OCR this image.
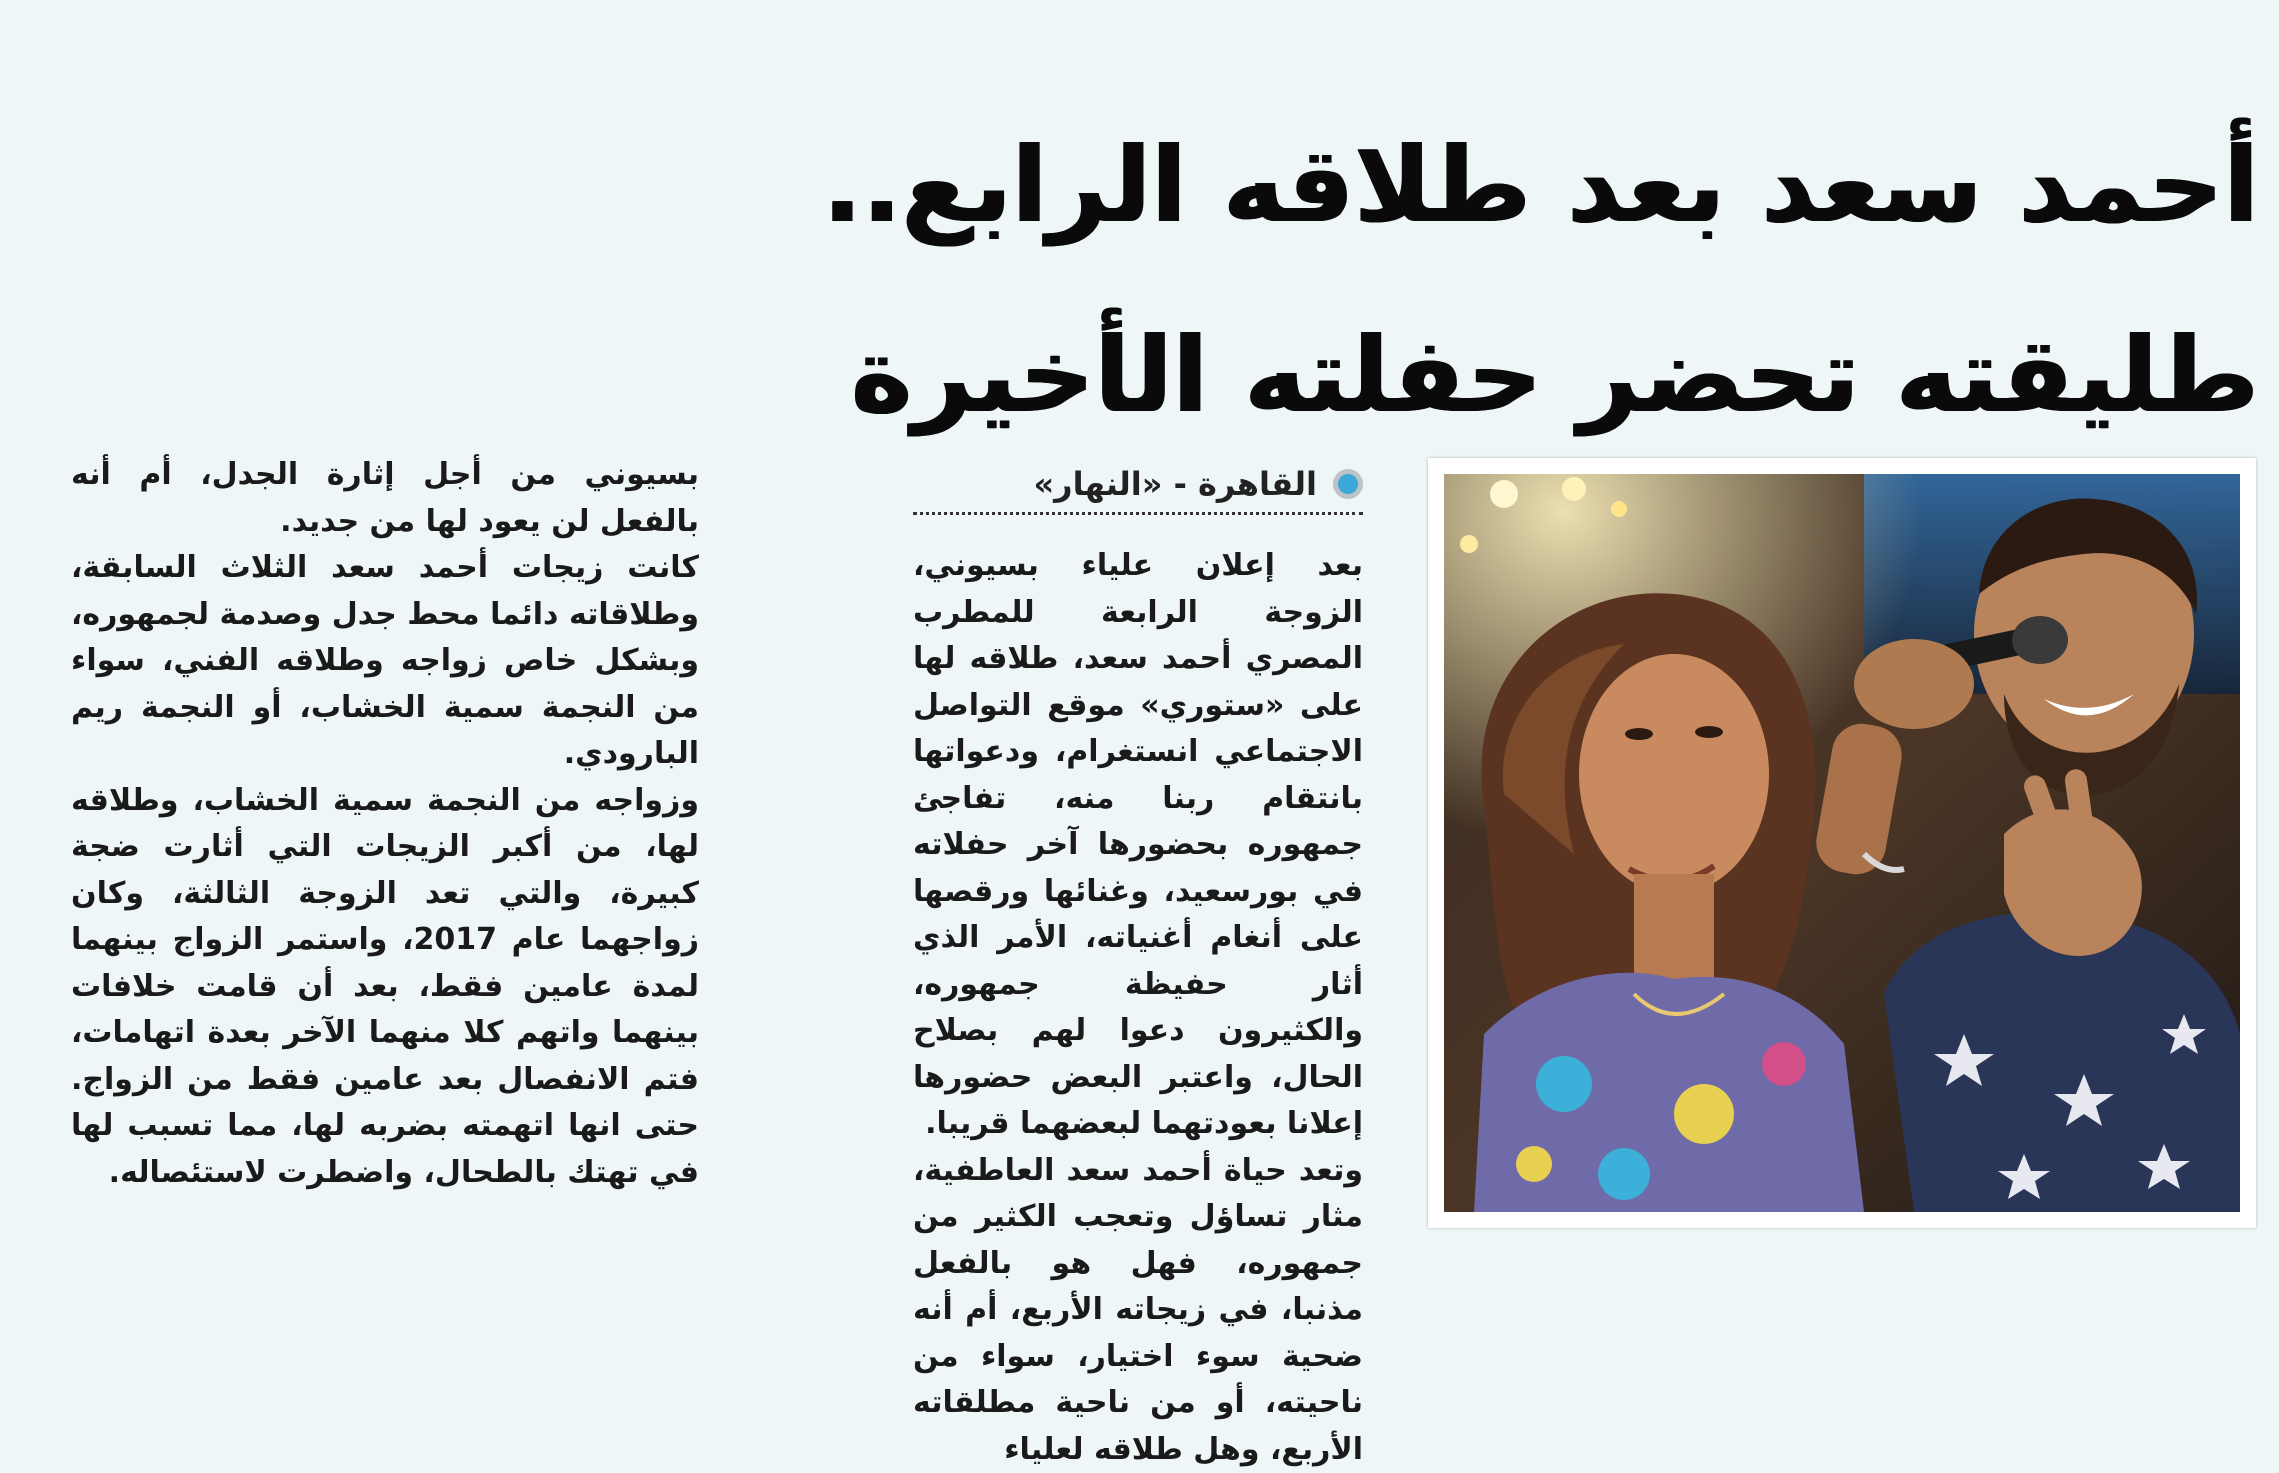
أحمد سعد بعد طلاقه الرابع..
طليقته تحضر حفلته الأخيرة
القاهرة - «النهار»

بعد إعلان علياء بسيوني، الزوجة الرابعة للمطرب المصري أحمد سعد، طلاقه لها على «ستوري» موقع التواصل الاجتماعي انستغرام، ودعواتها بانتقام ربنا منه، تفاجئ جمهوره بحضورها آخر حفلاته في بورسعيد، وغنائها ورقصها على أنغام أغنياته، الأمر الذي أثار حفيظة جمهوره، والكثيرون دعوا لهم بصلاح الحال، واعتبر البعض حضورها إعلانا بعودتهما لبعضهما قريبا.

وتعد حياة أحمد سعد العاطفية، مثار تساؤل وتعجب الكثير من جمهوره، فهل هو بالفعل مذنبا، في زيجاته الأربع، أم أنه ضحية سوء اختيار، سواء من ناحيته، أو من ناحية مطلقاته الأربع، وهل طلاقه لعلياء

بسيوني من أجل إثارة الجدل، أم أنه بالفعل لن يعود لها من جديد.

كانت زيجات أحمد سعد الثلاث السابقة، وطلاقاته دائما محط جدل وصدمة لجمهوره، وبشكل خاص زواجه وطلاقه الفني، سواء من النجمة سمية الخشاب، أو النجمة ريم البارودي.

وزواجه من النجمة سمية الخشاب، وطلاقه لها، من أكبر الزيجات التي أثارت ضجة كبيرة، والتي تعد الزوجة الثالثة، وكان زواجهما عام 2017، واستمر الزواج بينهما لمدة عامين فقط، بعد أن قامت خلافات بينهما واتهم كلا منهما الآخر بعدة اتهامات، فتم الانفصال بعد عامين فقط من الزواج. حتى انها اتهمته بضربه لها، مما تسبب لها في تهتك بالطحال، واضطرت لاستئصاله.
